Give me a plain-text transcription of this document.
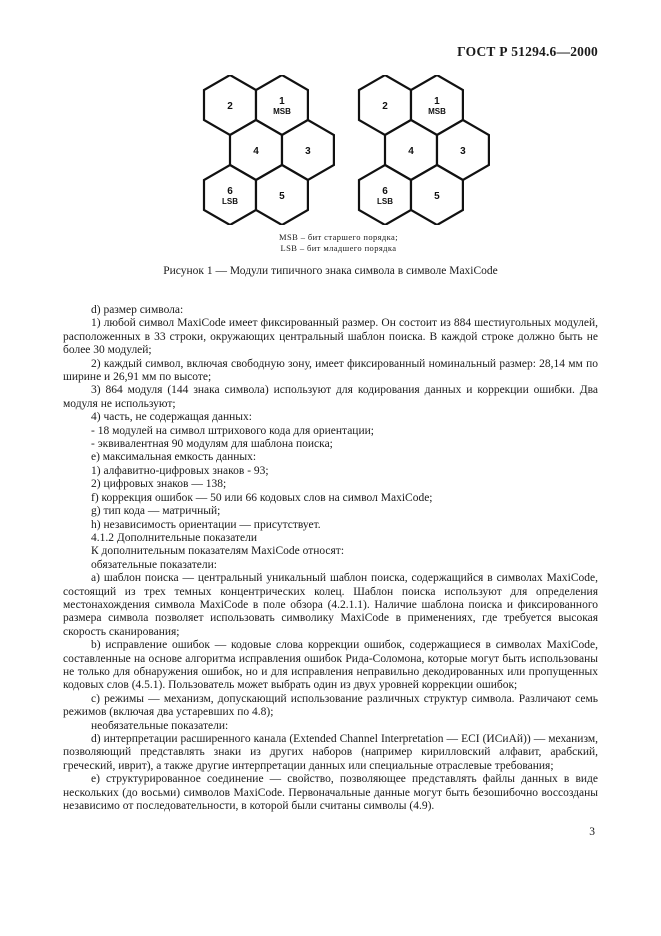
ГОСТ Р 51294.6—2000
2	1
MSB
4	3
6
LSB	5
2	1
MSB
4	3
6
LSB	5
MSB – бит старшего порядка;
LSB – бит младшего порядка
Рисунок 1 — Модули типичного знака символа в символе MaxiCode

d) размер символа:

1) любой символ MaxiCode имеет фиксированный размер. Он состоит из 884 шестиугольных модулей, расположенных в 33 строки, окружающих центральный шаблон поиска. В каждой строке должно быть не более 30 модулей;

2) каждый символ, включая свободную зону, имеет фиксированный номинальный размер: 28,14 мм по ширине и 26,91 мм по высоте;

3) 864 модуля (144 знака символа) используют для кодирования данных и коррекции ошибки. Два модуля не используют;

4) часть, не содержащая данных:

- 18 модулей на символ штрихового кода для ориентации;

- эквивалентная 90 модулям для шаблона поиска;

e) максимальная емкость данных:

1) алфавитно-цифровых знаков - 93;

2) цифровых знаков — 138;

f) коррекция ошибок — 50 или 66 кодовых слов на символ MaxiCode;

g) тип кода — матричный;

h) независимость ориентации — присутствует.

4.1.2 Дополнительные показатели

К дополнительным показателям MaxiCode относят:

обязательные показатели:

a) шаблон поиска — центральный уникальный шаблон поиска, содержащийся в символах MaxiCode, состоящий из трех темных концентрических колец. Шаблон поиска используют для определения местонахождения символа MaxiCode в поле обзора (4.2.1.1). Наличие шаблона поиска и фиксированного размера символа позволяет использовать символику MaxiCode в применениях, где требуется высокая скорость сканирования;

b) исправление ошибок — кодовые слова коррекции ошибок, содержащиеся в символах MaxiCode, составленные на основе алгоритма исправления ошибок Рида-Соломона, которые могут быть использованы не только для обнаружения ошибок, но и для исправления неправильно декодированных или пропущенных кодовых слов (4.5.1). Пользователь может выбрать один из двух уровней коррекции ошибок;

c) режимы — механизм, допускающий использование различных структур символа. Различают семь режимов (включая два устаревших по 4.8);

необязательные показатели:

d) интерпретации расширенного канала (Extended Channel Interpretation — ECI (ИСиАй)) — механизм, позволяющий представлять знаки из других наборов (например кирилловский алфавит, арабский, греческий, иврит), а также другие интерпретации данных или специальные отраслевые требования;

e) структурированное соединение — свойство, позволяющее представлять файлы данных в виде нескольких (до восьми) символов MaxiCode. Первоначальные данные могут быть безошибочно воссозданы независимо от последовательности, в которой были считаны символы (4.9).

3
